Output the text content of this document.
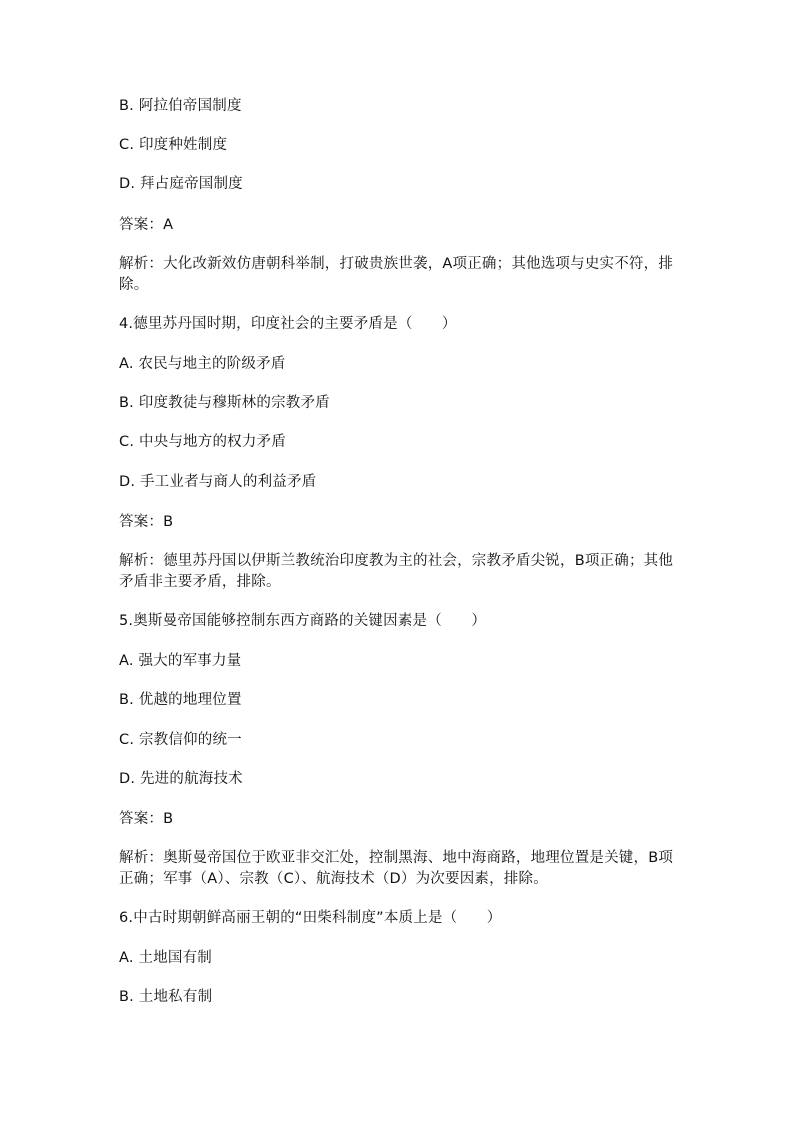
B. 阿拉伯帝国制度
C. 印度种姓制度
D. 拜占庭帝国制度
答案：A
解析：大化改新效仿唐朝科举制，打破贵族世袭，A项正确；其他选项与史实不符，排除。
4.德里苏丹国时期，印度社会的主要矛盾是（　　）
A. 农民与地主的阶级矛盾
B. 印度教徒与穆斯林的宗教矛盾
C. 中央与地方的权力矛盾
D. 手工业者与商人的利益矛盾
答案：B
解析：德里苏丹国以伊斯兰教统治印度教为主的社会，宗教矛盾尖锐，B项正确；其他矛盾非主要矛盾，排除。
5.奥斯曼帝国能够控制东西方商路的关键因素是（　　）
A. 强大的军事力量
B. 优越的地理位置
C. 宗教信仰的统一
D. 先进的航海技术
答案：B
解析：奥斯曼帝国位于欧亚非交汇处，控制黑海、地中海商路，地理位置是关键，B项正确；军事（A）、宗教（C）、航海技术（D）为次要因素，排除。
6.中古时期朝鲜高丽王朝的“田柴科制度”本质上是（　　）
A. 土地国有制
B. 土地私有制
